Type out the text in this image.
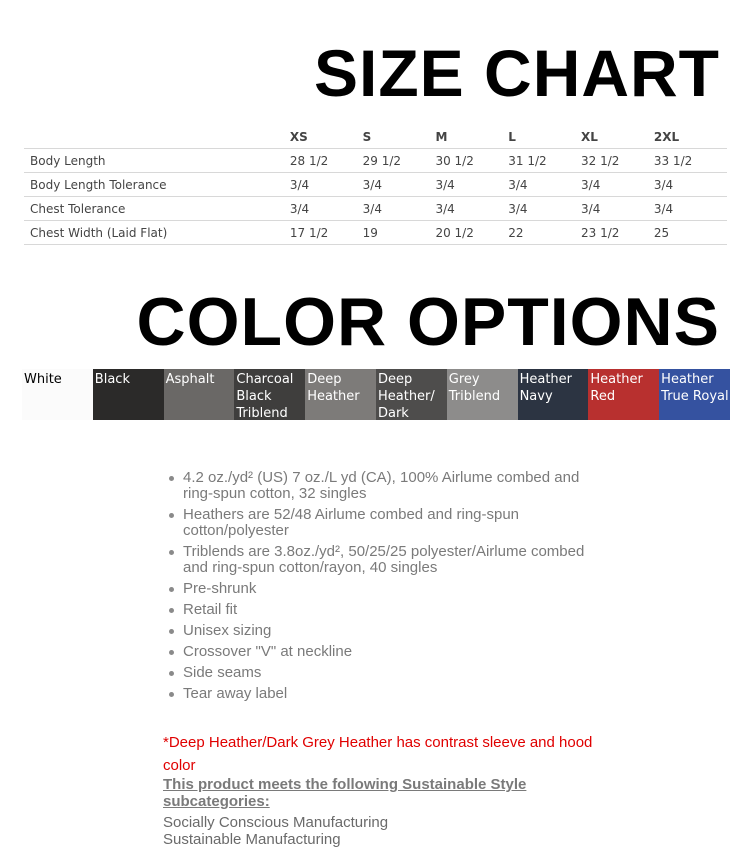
SIZE CHART
	XS	S	M	L	XL	2XL
Body Length	28 1/2	29 1/2	30 1/2	31 1/2	32 1/2	33 1/2
Body Length Tolerance	3/4	3/4	3/4	3/4	3/4	3/4
Chest Tolerance	3/4	3/4	3/4	3/4	3/4	3/4
Chest Width (Laid Flat)	17 1/2	19	20 1/2	22	23 1/2	25
COLOR OPTIONS
White	Black	Asphalt Charcoal Black Triblend
Deep Heather
Deep Heather/ Dark
Grey Triblend
Heather Navy
Heather Red
Heather True Royal
4.2 oz./yd² (US) 7 oz./L yd (CA), 100% Airlume combed and ring-spun cotton, 32 singles
Heathers are 52/48 Airlume combed and ring-spun cotton/polyester
Triblends are 3.8oz./yd², 50/25/25 polyester/Airlume combed and ring-spun cotton/rayon, 40 singles
Pre-shrunk
Retail fit
Unisex sizing
Crossover "V" at neckline
Side seams
Tear away label

*Deep Heather/Dark Grey Heather has contrast sleeve and hood color

This product meets the following Sustainable Style subcategories:

Socially Conscious Manufacturing
Sustainable Manufacturing
